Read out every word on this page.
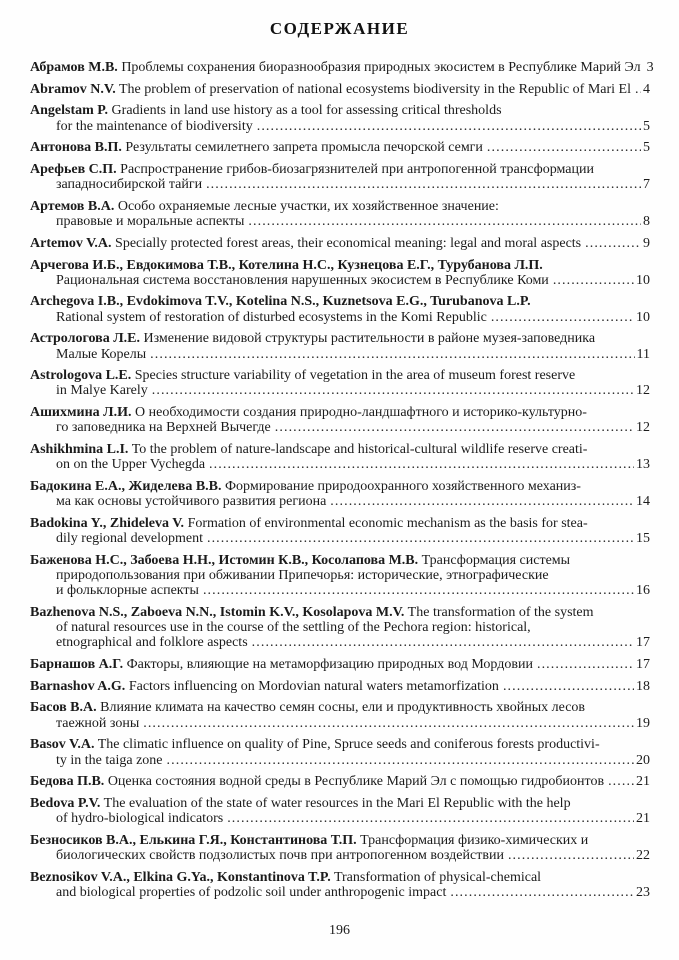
СОДЕРЖАНИЕ
Абрамов М.В. Проблемы сохранения биоразнообразия природных экосистем в Республике Марий Эл 3
Abramov N.V. The problem of preservation of national ecosystems biodiversity in the Republic of Mari El ..... 4
Angelstam P. Gradients in land use history as a tool for assessing critical thresholds
for the maintenance of biodiversity .....	5
Антонова В.П. Результаты семилетнего запрета промысла печорской семги .....	5
Арефьев С.П. Распространение грибов-биозагрязнителей при антропогенной трансформации
западносибирской тайги .....	7
Артемов В.А. Особо охраняемые лесные участки, их хозяйственное значение:
правовые и моральные аспекты .....	8
Artemov V.A. Specially protected forest areas, their economical meaning: legal and moral aspects .....	9
Арчегова И.Б., Евдокимова Т.В., Котелина Н.С., Кузнецова Е.Г., Турубанова Л.П.
Рациональная система восстановления нарушенных экосистем в Республике Коми .....	10
Archegova I.B., Evdokimova T.V., Kotelina N.S., Kuznetsova E.G., Turubanova L.P.
Rational system of restoration of disturbed ecosystems in the Komi Republic .....	10
Астрологова Л.Е. Изменение видовой структуры растительности в районе музея-заповедника
Малые Корелы .....	11
Astrologova L.E. Species structure variability of vegetation in the area of museum forest reserve
in Malye Karely .....	12
Ашихмина Л.И. О необходимости создания природно-ландшафтного и историко-культурно-
го заповедника на Верхней Вычегде .....	12
Ashikhmina L.I. To the problem of nature-landscape and historical-cultural wildlife reserve creati-
on on the Upper Vychegda .....	13
Бадокина Е.А., Жиделева В.В. Формирование природоохранного хозяйственного механиз-
ма как основы устойчивого развития региона .....	14
Badokina Y., Zhideleva V. Formation of environmental economic mechanism as the basis for stea-
dily regional development .....	15
Баженова Н.С., Забоева Н.Н., Истомин К.В., Косолапова М.В. Трансформация системы
природопользования при обживании Припечорья: исторические, этнографические
и фольклорные аспекты .....	16
Bazhenova N.S., Zaboeva N.N., Istomin K.V., Kosolapova M.V. The transformation of the system
of natural resources use in the course of the settling of the Pechora region: historical,
etnographical and folklore aspects .....	17
Барнашов А.Г. Факторы, влияющие на метаморфизацию природных вод Мордовии .....	17
Barnashov A.G. Factors influencing on Mordovian natural waters metamorfization .....	18
Басов В.А. Влияние климата на качество семян сосны, ели и продуктивность хвойных лесов
таежной зоны .....	19
Basov V.A. The climatic influence on quality of Pine, Spruce seeds and coniferous forests productivi-
ty in the taiga zone .....	20
Бедова П.В. Оценка состояния водной среды в Республике Марий Эл с помощью гидробионтов ..... 21
Bedova P.V. The evaluation of the state of water resources in the Mari El Republic with the help
of hydro-biological indicators .....	21
Безносиков В.А., Елькина Г.Я., Константинова Т.П. Трансформация физико-химических и
биологических свойств подзолистых почв при антропогенном воздействии .....	22
Beznosikov V.A., Elkina G.Ya., Konstantinova T.P. Transformation of physical-chemical
and biological properties of podzolic soil under anthropogenic impact .....	23
196
